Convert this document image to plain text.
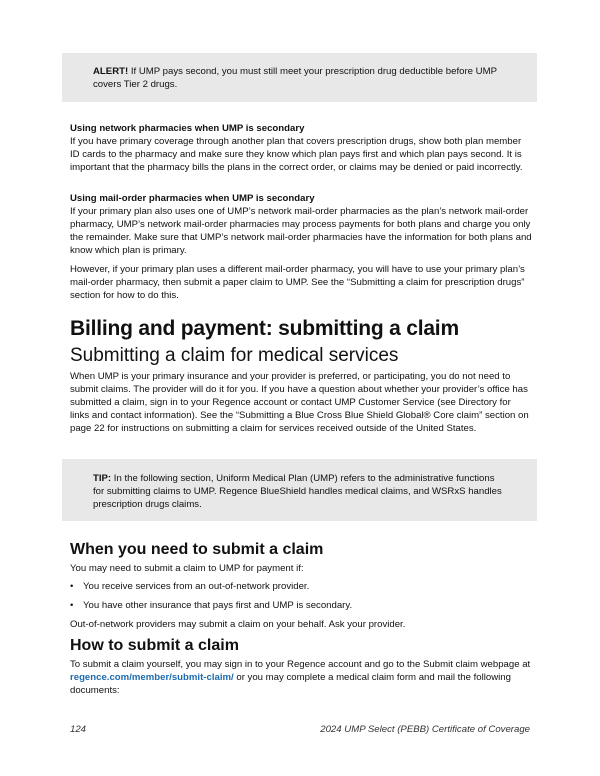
ALERT! If UMP pays second, you must still meet your prescription drug deductible before UMP covers Tier 2 drugs.

Using network pharmacies when UMP is secondary

If you have primary coverage through another plan that covers prescription drugs, show both plan member ID cards to the pharmacy and make sure they know which plan pays first and which plan pays second. It is important that the pharmacy bills the plans in the correct order, or claims may be denied or paid incorrectly.

Using mail-order pharmacies when UMP is secondary

If your primary plan also uses one of UMP’s network mail-order pharmacies as the plan’s network mail-order pharmacy, UMP’s network mail-order pharmacies may process payments for both plans and charge you only the remainder. Make sure that UMP’s network mail-order pharmacies have the information for both plans and know which plan is primary.

However, if your primary plan uses a different mail-order pharmacy, you will have to use your primary plan’s mail-order pharmacy, then submit a paper claim to UMP. See the “Submitting a claim for prescription drugs” section for how to do this.

Billing and payment: submitting a claim
Submitting a claim for medical services

When UMP is your primary insurance and your provider is preferred, or participating, you do not need to submit claims. The provider will do it for you. If you have a question about whether your provider’s office has submitted a claim, sign in to your Regence account or contact UMP Customer Service (see Directory for links and contact information). See the “Submitting a Blue Cross Blue Shield Global® Core claim” section on page 22 for instructions on submitting a claim for services received outside of the United States.

TIP: In the following section, Uniform Medical Plan (UMP) refers to the administrative functions for submitting claims to UMP. Regence BlueShield handles medical claims, and WSRxS handles prescription drugs claims.

When you need to submit a claim

You may need to submit a claim to UMP for payment if:

• You receive services from an out-of-network provider.
• You have other insurance that pays first and UMP is secondary.

Out-of-network providers may submit a claim on your behalf. Ask your provider.

How to submit a claim

To submit a claim yourself, you may sign in to your Regence account and go to the Submit claim webpage at regence.com/member/submit-claim/ or you may complete a medical claim form and mail the following documents:

124	2024 UMP Select (PEBB) Certificate of Coverage
